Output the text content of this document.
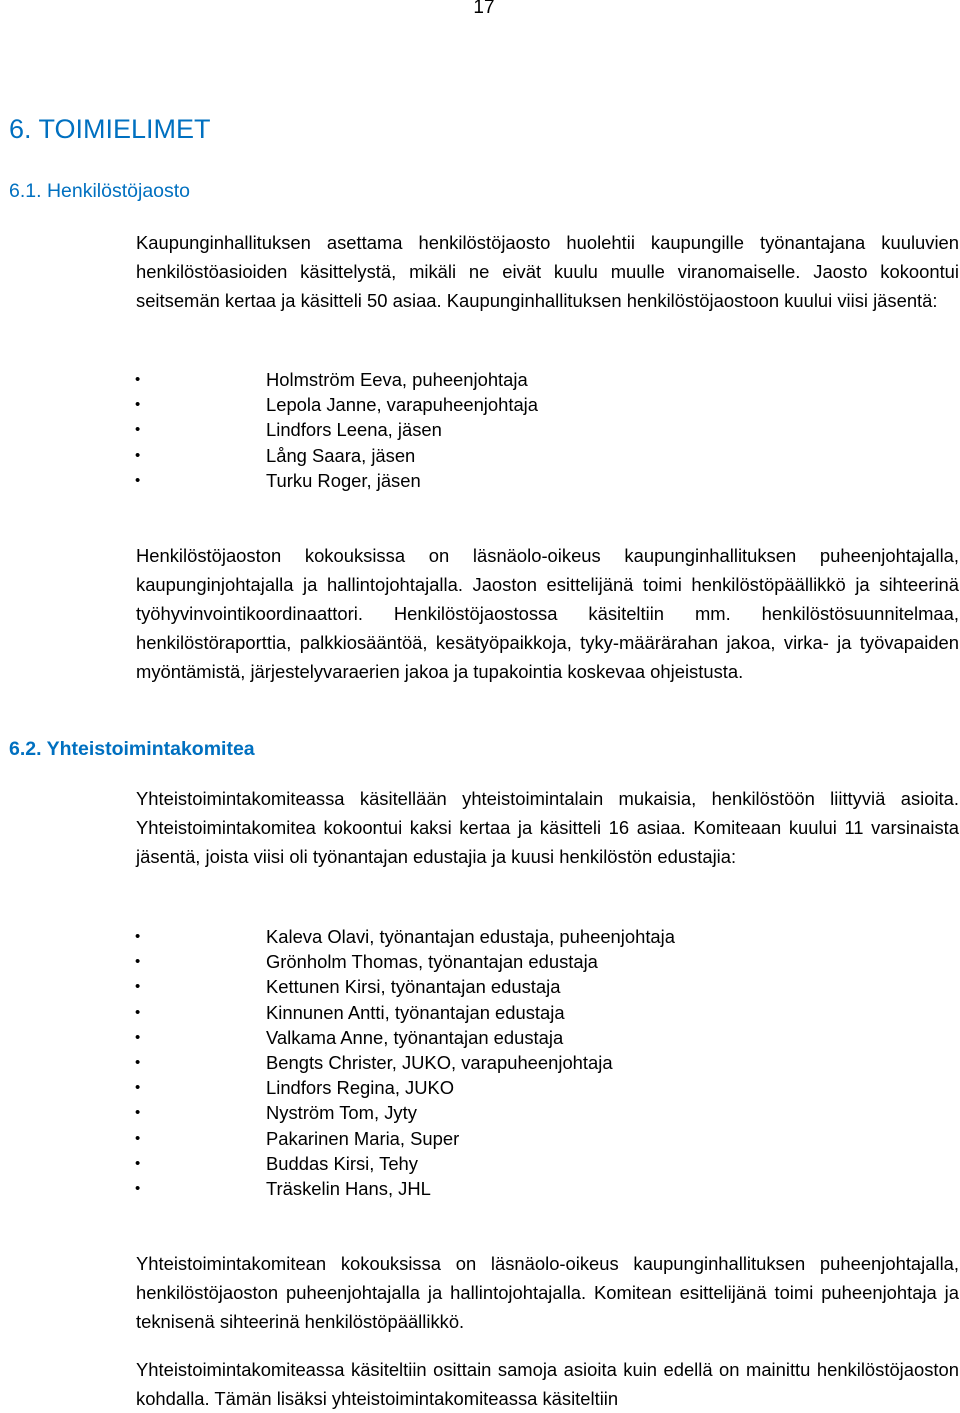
17
6. TOIMIELIMET
6.1. Henkilöstöjaosto

Kaupunginhallituksen asettama henkilöstöjaosto huolehtii kaupungille työnantajana kuuluvien henkilöstöasioiden käsittelystä, mikäli ne eivät kuulu muulle viranomaiselle. Jaosto kokoontui seitsemän kertaa ja käsitteli 50 asiaa. Kaupunginhallituksen henkilöstöjaostoon kuului viisi jäsentä:

•	Holmström Eeva, puheenjohtaja
•	Lepola Janne, varapuheenjohtaja
•	Lindfors Leena, jäsen
•	Lång Saara, jäsen
•	Turku Roger, jäsen

Henkilöstöjaoston kokouksissa on läsnäolo-oikeus kaupunginhallituksen puheenjohtajalla, kaupunginjohtajalla ja hallintojohtajalla. Jaoston esittelijänä toimi henkilöstöpäällikkö ja sihteerinä työhyvinvointikoordinaattori. Henkilöstöjaostossa käsiteltiin mm. henkilöstösuunnitelmaa, henkilöstöraporttia, palkkiosääntöä, kesätyöpaikkoja, tyky-määrärahan jakoa, virka- ja työvapaiden myöntämistä, järjestelyvaraerien jakoa ja tupakointia koskevaa ohjeistusta.

6.2. Yhteistoimintakomitea

Yhteistoimintakomiteassa käsitellään yhteistoimintalain mukaisia, henkilöstöön liittyviä asioita. Yhteistoimintakomitea kokoontui kaksi kertaa ja käsitteli 16 asiaa. Komiteaan kuului 11 varsinaista jäsentä, joista viisi oli työnantajan edustajia ja kuusi henkilöstön edustajia:

•	Kaleva Olavi, työnantajan edustaja, puheenjohtaja
•	Grönholm Thomas, työnantajan edustaja
•	Kettunen Kirsi, työnantajan edustaja
•	Kinnunen Antti, työnantajan edustaja
•	Valkama Anne, työnantajan edustaja
•	Bengts Christer, JUKO, varapuheenjohtaja
•	Lindfors Regina, JUKO
•	Nyström Tom, Jyty
•	Pakarinen Maria, Super
•	Buddas Kirsi, Tehy
•	Träskelin Hans, JHL

Yhteistoimintakomitean kokouksissa on läsnäolo-oikeus kaupunginhallituksen puheenjohtajalla, henkilöstöjaoston puheenjohtajalla ja hallintojohtajalla. Komitean esittelijänä toimi puheenjohtaja ja teknisenä sihteerinä henkilöstöpäällikkö.

Yhteistoimintakomiteassa käsiteltiin osittain samoja asioita kuin edellä on mainittu henkilöstöjaoston kohdalla. Tämän lisäksi yhteistoimintakomiteassa käsiteltiin
